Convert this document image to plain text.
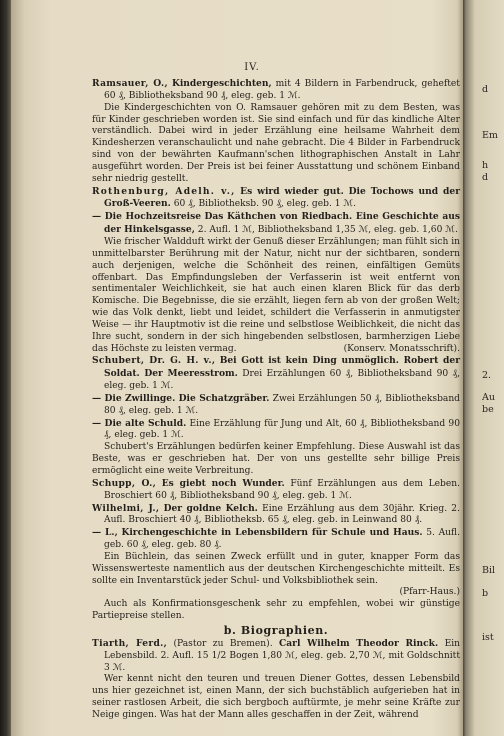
d
Em
h
d
2.
Au
be
Bil
b
ist
IV.

Ramsauer, O., Kindergeschichten, mit 4 Bildern in Farbendruck, geheftet 60 ₰, Bibliotheksband 90 ₰, eleg. geb. 1 ℳ.

Die Kindergeschichten von O. Ramsauer gehören mit zu dem Besten, was für Kinder geschrieben worden ist. Sie sind einfach und für das kindliche Alter verständlich. Dabei wird in jeder Erzählung eine heilsame Wahrheit dem Kindesherzen veranschaulicht und nahe gebracht. Die 4 Bilder in Farbendruck sind von der bewährten Kaufmann'schen lithographischen Anstalt in Lahr ausgeführt worden. Der Preis ist bei feiner Ausstattung und schönem Einband sehr niedrig gestellt.

Rothenburg, Adelh. v., Es wird wieder gut. Die Tochows und der Groß-Veeren. 60 ₰, Bibliotheksb. 90 ₰, eleg. geb. 1 ℳ.

— Die Hochzeitsreise Das Käthchen von Riedbach. Eine Geschichte aus der Hinkelsgasse, 2. Aufl. 1 ℳ, Bibliotheksband 1,35 ℳ, eleg. geb. 1,60 ℳ.

Wie frischer Waldduft wirkt der Genuß dieser Erzählungen; man fühlt sich in unmittelbarster Berührung mit der Natur, nicht nur der sichtbaren, sondern auch derjenigen, welche die Schönheit des reinen, einfältigen Gemüts offenbart. Das Empfindungsleben der Verfasserin ist weit entfernt von sentimentaler Weichlichkeit, sie hat auch einen klaren Blick für das derb Komische. Die Begebnisse, die sie erzählt, liegen fern ab von der großen Welt; wie das Volk denkt, liebt und leidet, schildert die Verfasserin in anmutigster Weise — ihr Hauptmotiv ist die reine und selbstlose Weiblichkeit, die nicht das Ihre sucht, sondern in der sich hingebenden selbstlosen, barmherzigen Liebe das Höchste zu leisten vermag.	(Konserv. Monatsschrift).

Schubert, Dr. G. H. v., Bei Gott ist kein Ding unmöglich. Robert der Soldat. Der Meeresstrom. Drei Erzählungen 60 ₰, Bibliotheksband 90 ₰, eleg. geb. 1 ℳ.

— Die Zwillinge. Die Schatzgräber. Zwei Erzählungen 50 ₰, Bibliotheksband 80 ₰, eleg. geb. 1 ℳ.

— Die alte Schuld. Eine Erzählung für Jung und Alt, 60 ₰, Bibliotheksband 90 ₰, eleg. geb. 1 ℳ.

Schubert's Erzählungen bedürfen keiner Empfehlung. Diese Auswahl ist das Beste, was er geschrieben hat. Der von uns gestellte sehr billige Preis ermöglicht eine weite Verbreitung.

Schupp, O., Es giebt noch Wunder. Fünf Erzählungen aus dem Leben. Broschiert 60 ₰, Bibliotheksband 90 ₰, eleg. geb. 1 ℳ.

Wilhelmi, J., Der goldne Kelch. Eine Erzählung aus dem 30jähr. Krieg. 2. Aufl. Broschiert 40 ₰, Bibliotheksb. 65 ₰, eleg. geb. in Leinwand 80 ₰.

— L., Kirchengeschichte in Lebensbildern für Schule und Haus. 5. Aufl. geb. 60 ₰, eleg. geb. 80 ₰.

Ein Büchlein, das seinen Zweck erfüllt und in guter, knapper Form das Wissenswerteste namentlich aus der deutschen Kirchengeschichte mitteilt. Es sollte ein Inventarstück jeder Schul- und Volksbibliothek sein.

(Pfarr-Haus.)

Auch als Konfirmationsgeschenk sehr zu empfehlen, wobei wir günstige Partiepreise stellen.

b. Biographien.

Tiarth, Ferd., (Pastor zu Bremen). Carl Wilhelm Theodor Rinck. Ein Lebensbild. 2. Aufl. 15 1/2 Bogen 1,80 ℳ, eleg. geb. 2,70 ℳ, mit Goldschnitt 3 ℳ.

Wer kennt nicht den teuren und treuen Diener Gottes, dessen Lebensbild uns hier gezeichnet ist, einen Mann, der sich buchstäblich aufgerieben hat in seiner rastlosen Arbeit, die sich bergboch auftürmte, je mehr seine Kräfte zur Neige gingen. Was hat der Mann alles geschaffen in der Zeit, während
